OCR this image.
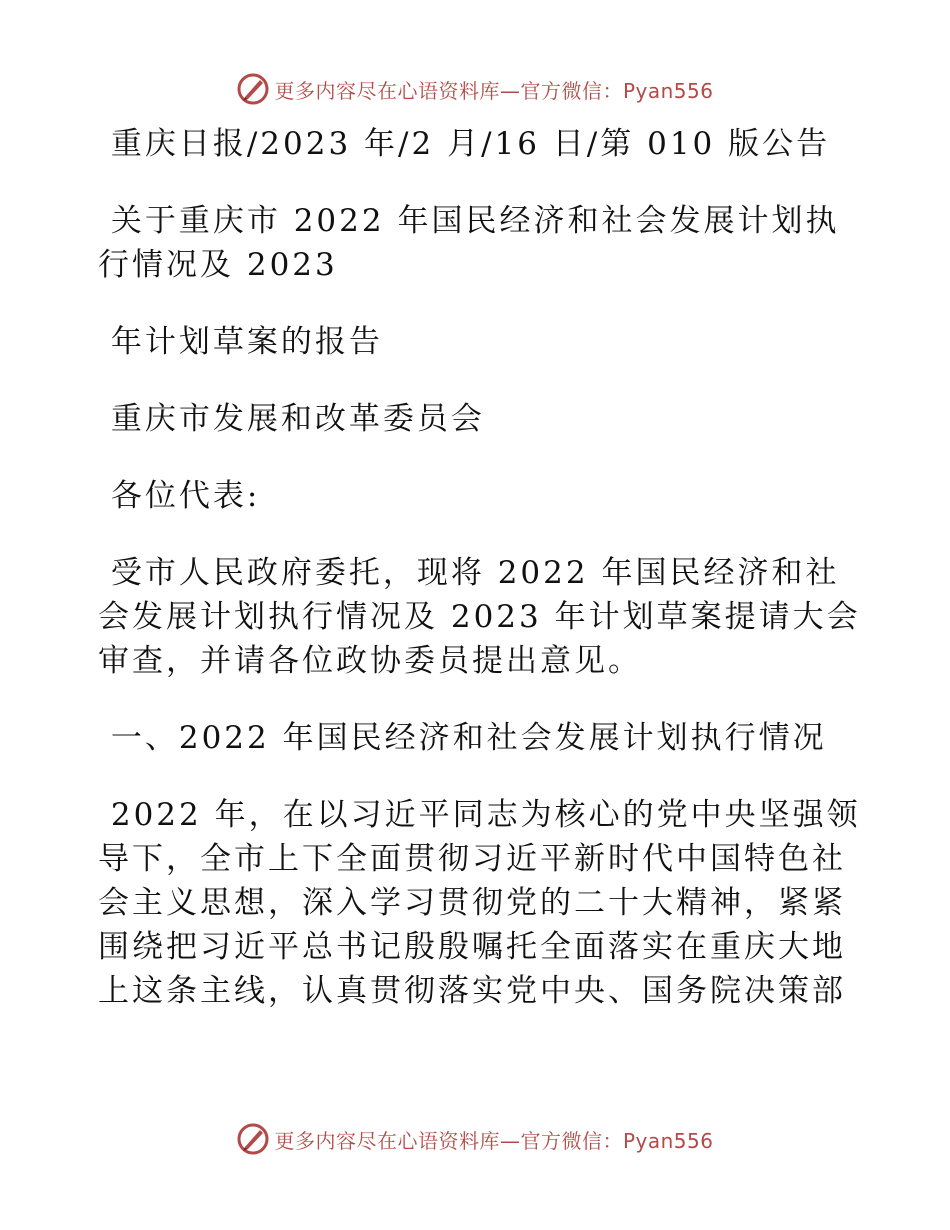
更多内容尽在心语资料库—官方微信：Pyan556

重庆日报/2023 年/2 月/16 日/第 010 版公告

关于重庆市 2022 年国民经济和社会发展计划执

行情况及 2023

年计划草案的报告

重庆市发展和改革委员会

各位代表:

受市人民政府委托，现将 2022 年国民经济和社

会发展计划执行情况及 2023 年计划草案提请大会

审查，并请各位政协委员提出意见。

一、2022 年国民经济和社会发展计划执行情况

2022 年，在以习近平同志为核心的党中央坚强领

导下，全市上下全面贯彻习近平新时代中国特色社

会主义思想，深入学习贯彻党的二十大精神，紧紧

围绕把习近平总书记殷殷嘱托全面落实在重庆大地

上这条主线，认真贯彻落实党中央、国务院决策部

更多内容尽在心语资料库—官方微信：Pyan556
